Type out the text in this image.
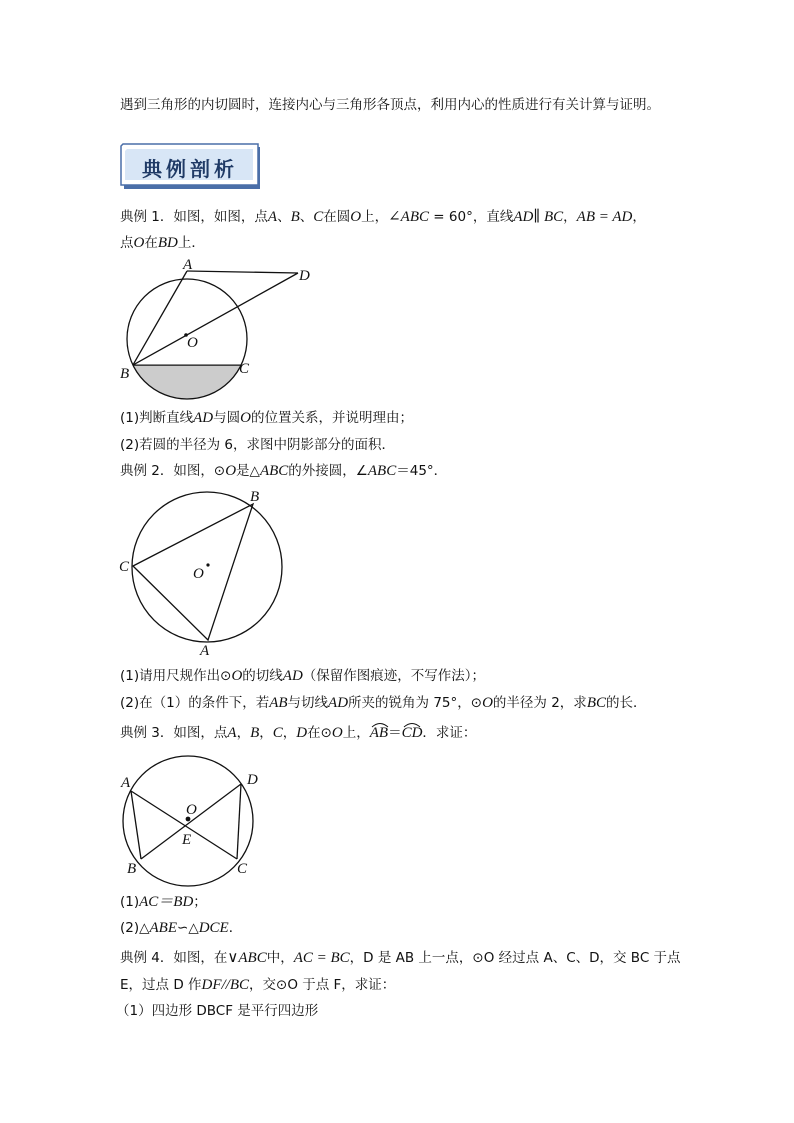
遇到三角形的内切圆时，连接内心与三角形各顶点，利用内心的性质进行有关计算与证明。
典例剖析
典例 1．如图，如图，点A、B、C在圆O上，∠ABC = 60°，直线AD∥ BC，AB = AD，
点O在BD上．
A
D
O
B	C
(1)判断直线AD与圆O的位置关系，并说明理由；
(2)若圆的半径为 6，求图中阴影部分的面积．
典例 2．如图，⊙O是△ABC的外接圆，∠ABC＝45°．
B
C	O
A
(1)请用尺规作出⊙O的切线AD（保留作图痕迹，不写作法）；
(2)在（1）的条件下，若AB与切线AD所夹的锐角为 75°，⊙O的半径为 2，求BC的长．
典例 3．如图，点A，B，C，D在⊙O上，
AB＝
CD．求证：
A	D
O
E
B	C
(1)AC＝BD；
(2)△ABE∽△DCE．
典例 4．如图，在∨ABC中，AC = BC，D 是 AB 上一点，⊙O 经过点 A、C、D，交 BC 于点
E，过点 D 作DF//BC，交⊙O 于点 F，求证：
（1）四边形 DBCF 是平行四边形
